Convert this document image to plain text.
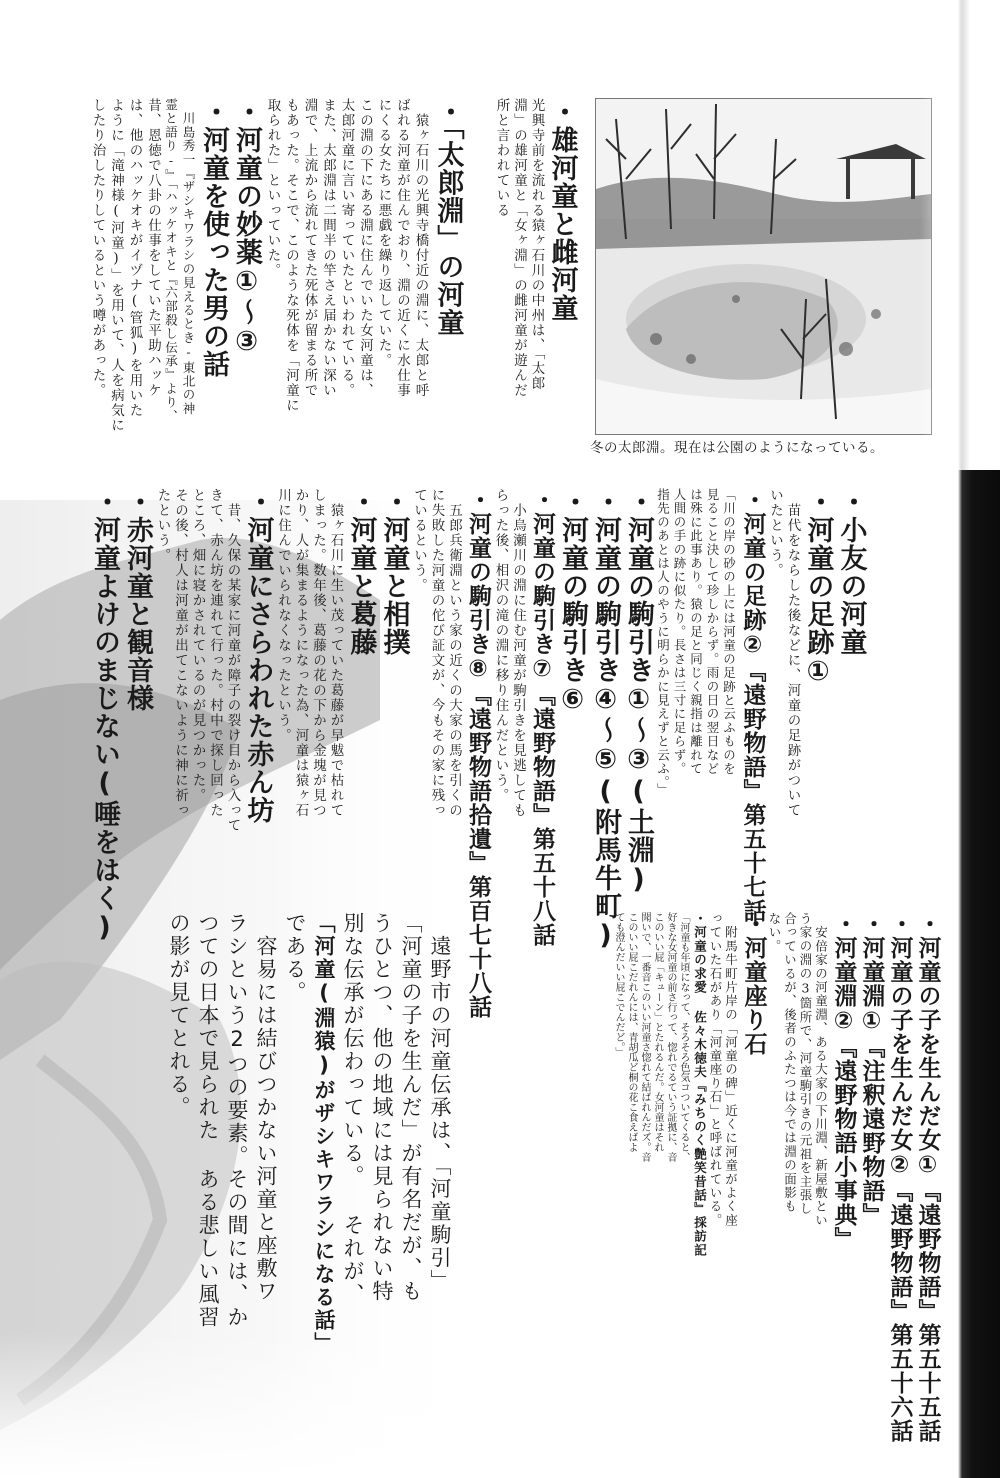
冬の太郎淵。現在は公園のようになっている。
・雄河童と雌河童
光興寺前を流れる猿ヶ石川の中州は、「太郎
淵」の雄河童と「女ヶ淵」の雌河童が遊んだ
所と言われている
・「太郎淵」の河童
　猿ヶ石川の光興寺橋付近の淵に、太郎と呼
ばれる河童が住んでおり、淵の近くに水仕事
にくる女たちに悪戯を繰り返していた。
この淵の下にある淵に住んでいた女河童は、
太郎河童に言い寄っていたといわれている。
また、太郎淵は二間半の竿さえ届かない深い
淵で、上流から流れてきた死体が留まる所で
もあった。そこで、このような死体を「河童に
取られた」といっていた。
・河童の妙薬①〜③
・河童を使った男の話
　川島秀一『ザシキワラシの見えるとき-東北の神
霊と語り-』「ハッケオキと『六部殺し伝承』より、
昔、恩徳で八卦の仕事をしていた平助ハッケ
は、他のハッケオキがイヅナ(管狐)を用いた
ように「滝神様(河童)」を用いて、人を病気に
したり治したりしているという噂があった。
・小友の河童
・河童の足跡①
　苗代をならした後などに、河童の足跡がついて
いたという。
・河童の足跡②『遠野物語』第五十七話
「川の岸の砂の上には河童の足跡と云ふものを
見ること決して珍しからず。雨の日の翌日など
は殊に此事あり。猿の足と同じく親指は離れて
人間の手の跡に似たり。長さは三寸に足らず。
指先のあとは人のやうに明らかに見えずと云ふ。」
・河童の駒引き①〜③(土淵)
・河童の駒引き④〜⑤(附馬牛町)
・河童の駒引き⑥
・河童の駒引き⑦『遠野物語』第五十八話
　小烏瀬川の淵に住む河童が駒引きを見逃しても
らった後、相沢の滝の淵に移り住んだという。
・河童の駒引き⑧『遠野物語拾遺』第百七十八話
　五郎兵衛淵という家の近くの大家の馬を引くの
に失敗した河童の佗び証文が、今もその家に残っ
ているという。
・河童と相撲
・河童と葛藤
　猿ヶ石川に生い茂っていた葛藤が早魃で枯れて
しまった。数年後、葛藤の花の下から金塊が見つ
かり、人が集まるようになった為、河童は猿ヶ石
川に住んでいられなくなったという。
・河童にさらわれた赤ん坊
　昔、久保の某家に河童が障子の裂け目から入って
きて、赤ん坊を連れて行った。村中で探し回った
ところ、畑に寝かされているのが見つかった。
その後、村人は河童が出てこないように神に祈っ
たという。
・赤河童と観音様
・河童よけのまじない(唾をはく)
・河童の子を生んだ女①『遠野物語』第五十五話
・河童の子を生んだ女②『遠野物語』第五十六話
・河童淵①『注釈遠野物語』
・河童淵②『遠野物語小事典』
　安倍家の河童淵、ある大家の下川淵、新屋敷とい
う家の淵の3箇所で、河童駒引きの元祖を主張し
合っているが、後者のふたつは今では淵の面影も
ない。
・河童座り石
　附馬牛町片岸の「河童の碑」近くに河童がよく座
っていた石があり「河童座り石」と呼ばれている。
・河童の求愛 佐々木徳夫『みちのく艶笑昔話』採訪記
「河童も年頃になって、そろそろ色気コついてくると、
好きな女河童の前さ行って、惚れでるていう証拠に、音
このいい屁「キューン」とたれるんだ。女河童はそれ
聞いで、一番音このいい河童さ惚れて結ばれんだズ。音
このいい屁こだれんには、青胡瓜ど桐の花こ食えばよ
ても澄んだいい屁こでんだど。」
　遠野市の河童伝承は、「河童駒引」
「河童の子を生んだ」が有名だが、も
うひとつ、他の地域には見られない特
別な伝承が伝わっている。 それが、
「河童(淵猿)がザシキワラシになる話」
である。
　容易には結びつかない河童と座敷ワ
ラシという2つの要素。その間には、か
つての日本で見られた ある悲しい風習
の影が見てとれる。
